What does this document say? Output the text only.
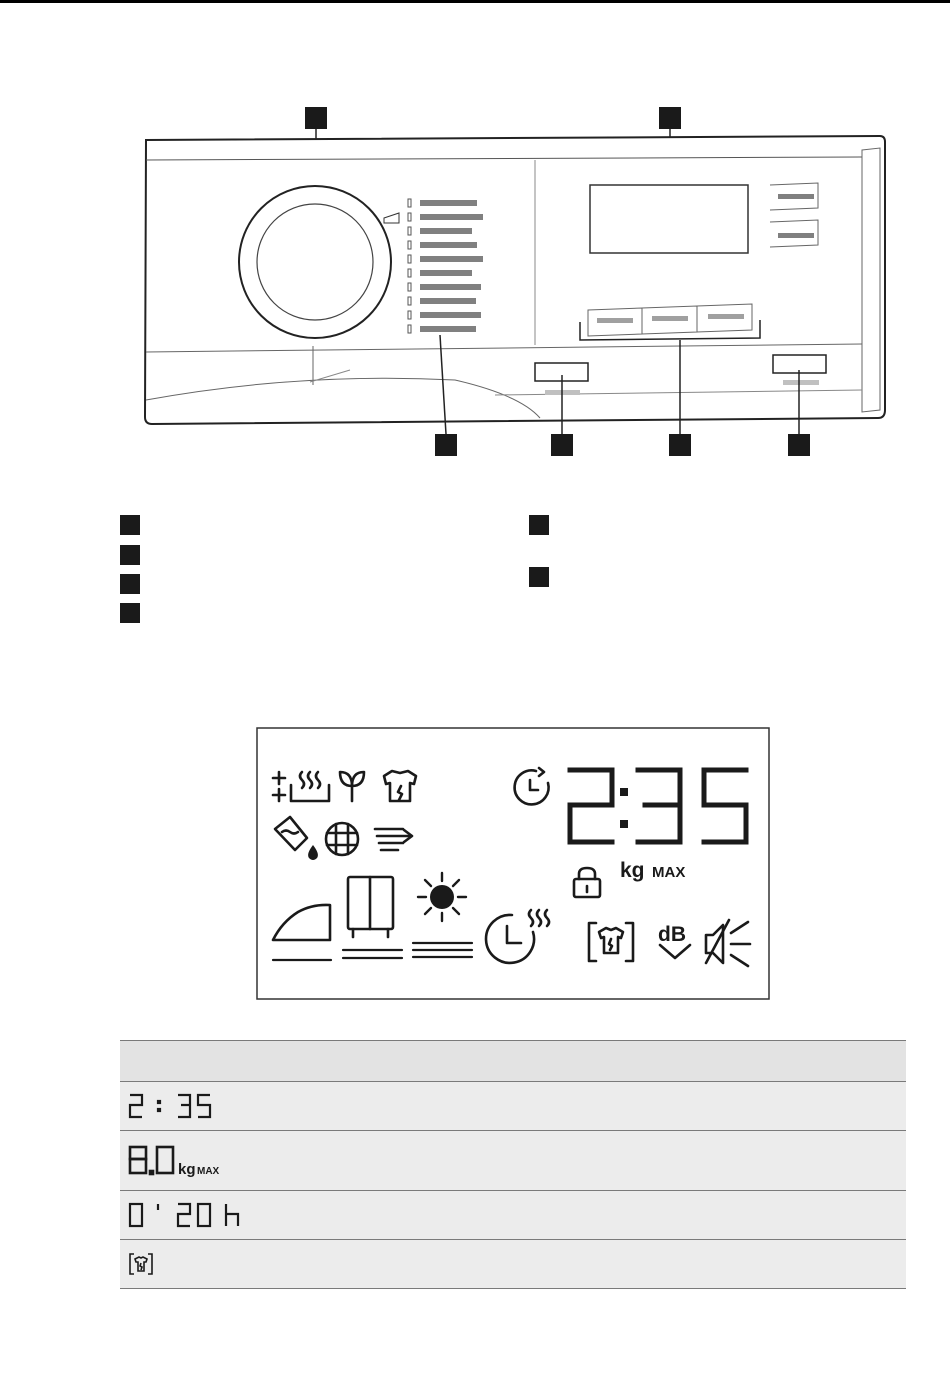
kg MAX
dB
kg MAX
